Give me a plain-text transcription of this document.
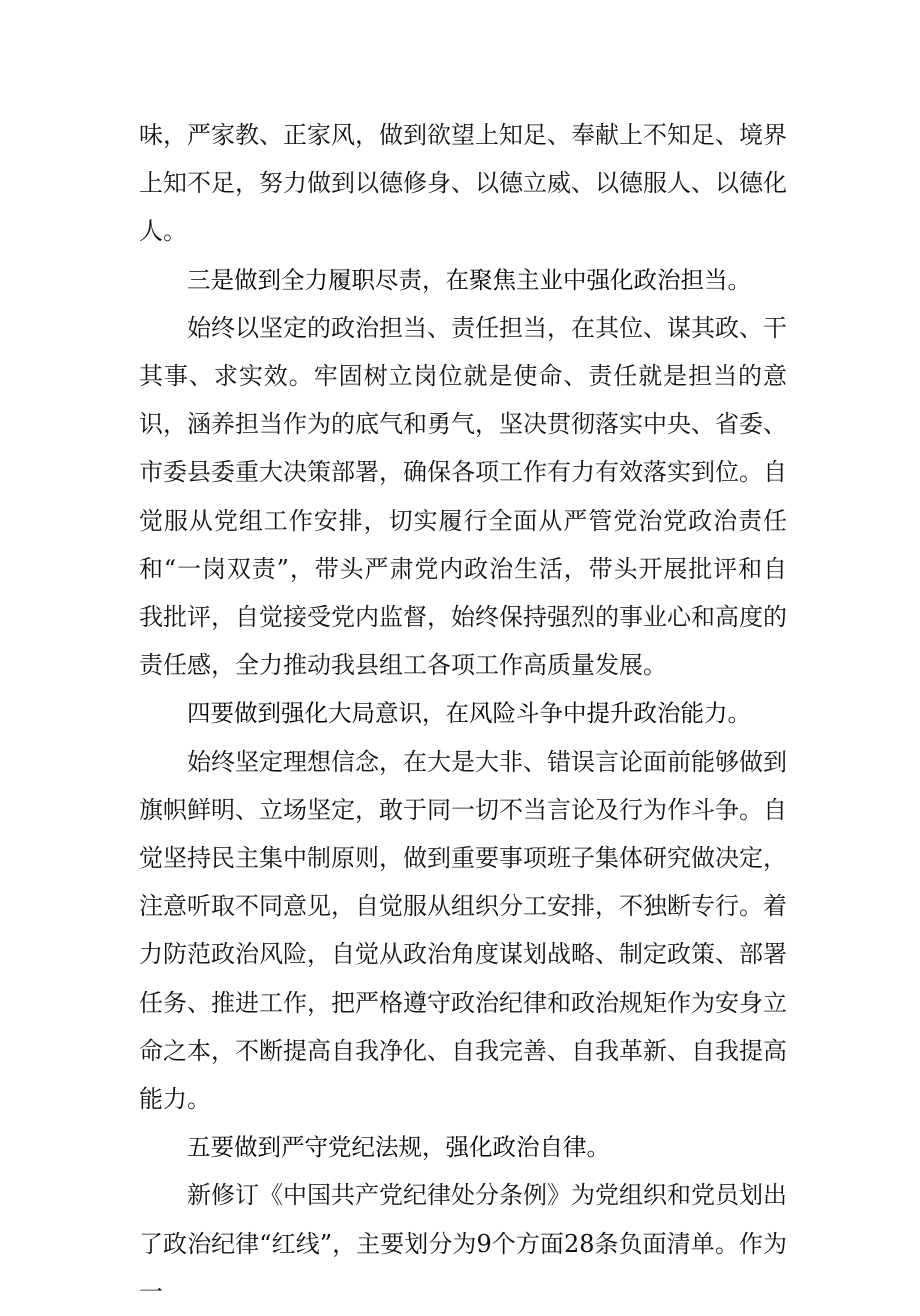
味，严家教、正家风，做到欲望上知足、奉献上不知足、境界上知不足，努力做到以德修身、以德立威、以德服人、以德化人。

三是做到全力履职尽责，在聚焦主业中强化政治担当。

始终以坚定的政治担当、责任担当，在其位、谋其政、干其事、求实效。牢固树立岗位就是使命、责任就是担当的意识，涵养担当作为的底气和勇气，坚决贯彻落实中央、省委、市委县委重大决策部署，确保各项工作有力有效落实到位。自觉服从党组工作安排，切实履行全面从严管党治党政治责任和“一岗双责”，带头严肃党内政治生活，带头开展批评和自我批评，自觉接受党内监督，始终保持强烈的事业心和高度的责任感，全力推动我县组工各项工作高质量发展。

四要做到强化大局意识，在风险斗争中提升政治能力。

始终坚定理想信念，在大是大非、错误言论面前能够做到旗帜鲜明、立场坚定，敢于同一切不当言论及行为作斗争。自觉坚持民主集中制原则，做到重要事项班子集体研究做决定，注意听取不同意见，自觉服从组织分工安排，不独断专行。着力防范政治风险，自觉从政治角度谋划战略、制定政策、部署任务、推进工作，把严格遵守政治纪律和政治规矩作为安身立命之本，不断提高自我净化、自我完善、自我革新、自我提高能力。

五要做到严守党纪法规，强化政治自律。

新修订《中国共产党纪律处分条例》为党组织和党员划出了政治纪律“红线”，主要划分为9个方面28条负面清单。作为一
